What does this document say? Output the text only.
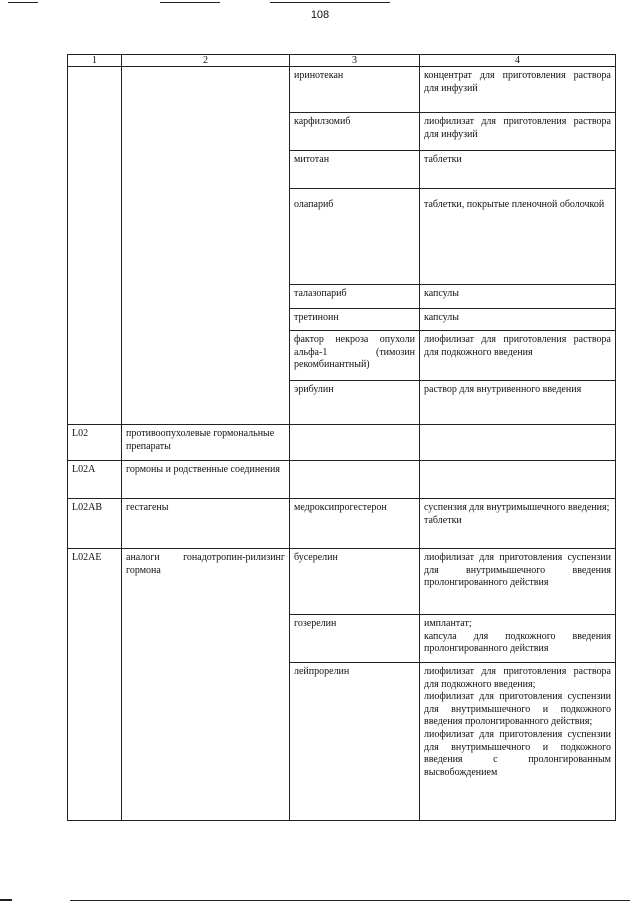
108
1	2	3	4
		иринотекан	концентрат для приготовления раствора для инфузий

		карфилзомиб	лиофилизат для приготовления раствора для инфузий

		митотан	таблетки

		олапариб	таблетки, покрытые пленочной оболочкой

		талазопариб	капсулы

		третиноин	капсулы

		фактор некроза опухоли альфа-1 (тимозин рекомбинантный)	лиофилизат для приготовления раствора для подкожного введения

		эрибулин	раствор для внутривенного введения

L02	противоопухолевые гормональные препараты		
L02A	гормоны и родственные соединения		
L02AB	гестагены	медроксипрогестерон	суспензия для внутримышечного введения;
таблетки

L02AE	аналоги гонадотропин-рилизинг гормона	бусерелин	лиофилизат для приготовления суспензии для внутримышечного введения пролонгированного действия

		гозерелин	имплантат;
капсула для подкожного введения пролонгированного действия

		лейпрорелин	лиофилизат для приготовления раствора для подкожного введения;
лиофилизат для приготовления суспензии для внутримышечного и подкожного введения пролонгированного действия;
лиофилизат для приготовления суспензии для внутримышечного и подкожного введения с пролонгированным высвобождением
